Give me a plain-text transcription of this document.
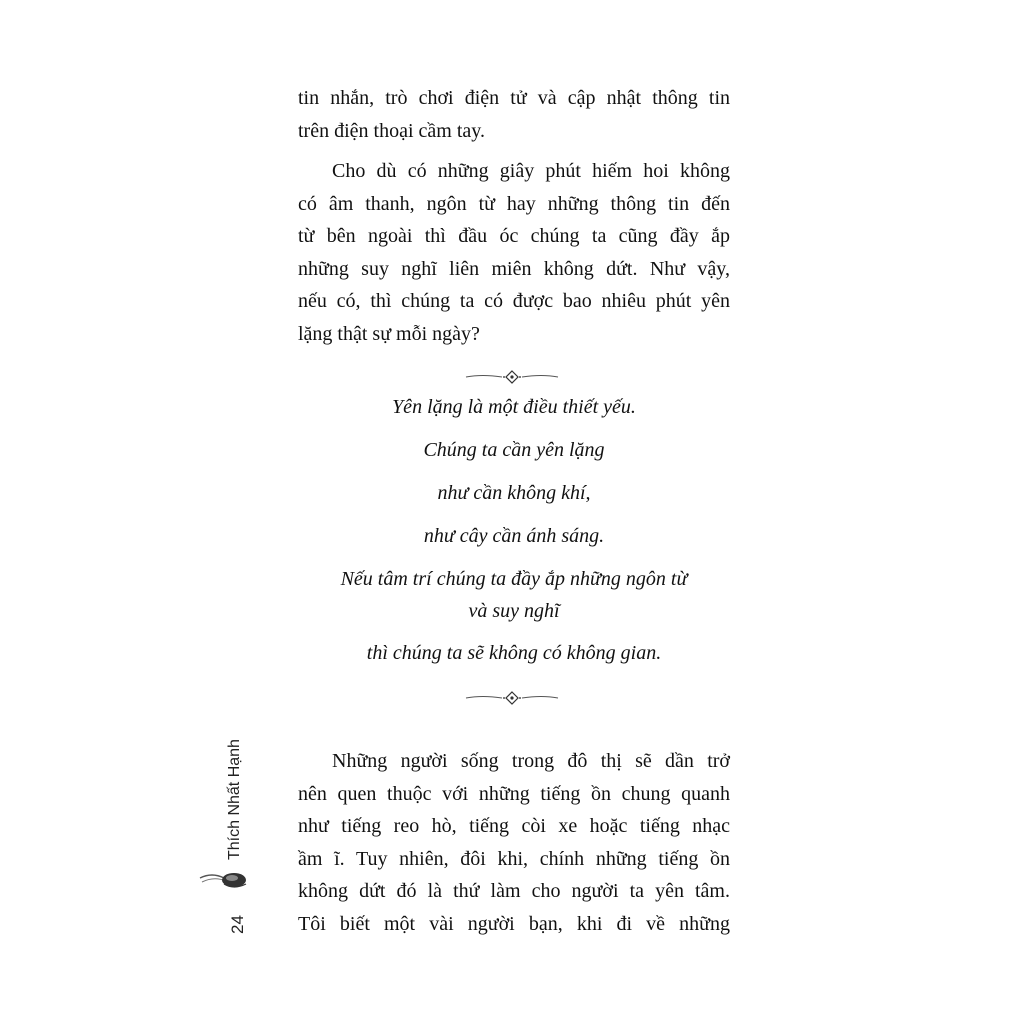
tin nhắn, trò chơi điện tử và cập nhật thông tin
trên điện thoại cầm tay.
Cho dù có những giây phút hiếm hoi không
có âm thanh, ngôn từ hay những thông tin đến
từ bên ngoài thì đầu óc chúng ta cũng đầy ắp
những suy nghĩ liên miên không dứt. Như vậy,
nếu có, thì chúng ta có được bao nhiêu phút yên
lặng thật sự mỗi ngày?
Yên lặng là một điều thiết yếu.
Chúng ta cần yên lặng
như cần không khí,
như cây cần ánh sáng.
Nếu tâm trí chúng ta đầy ắp những ngôn từ
và suy nghĩ
thì chúng ta sẽ không có không gian.
Những người sống trong đô thị sẽ dần trở
nên quen thuộc với những tiếng ồn chung quanh
như tiếng reo hò, tiếng còi xe hoặc tiếng nhạc
ầm ĩ. Tuy nhiên, đôi khi, chính những tiếng ồn
không dứt đó là thứ làm cho người ta yên tâm.
Tôi biết một vài người bạn, khi đi về những
Thích Nhất Hạnh
24
